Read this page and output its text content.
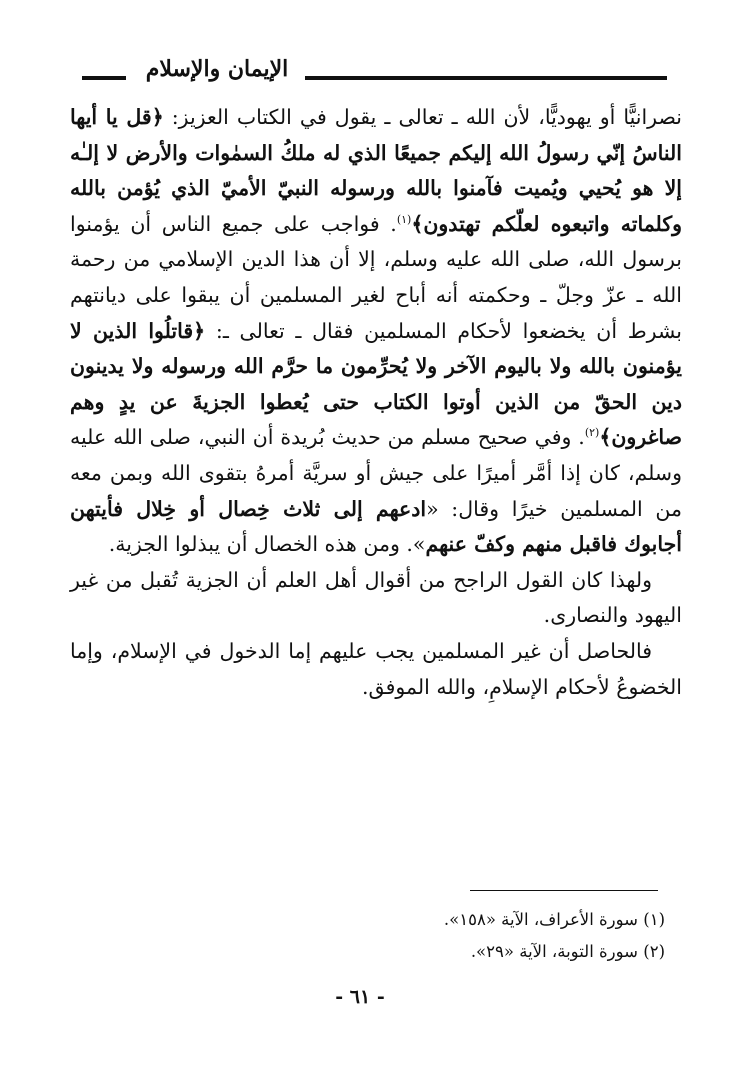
الإيمان والإسلام

نصرانيًّا أو يهوديًّا، لأن الله ـ تعالى ـ يقول في الكتاب العزيز: ﴿قل يا أيها الناسُ إنّي رسولُ الله إليكم جميعًا الذي له ملكُ السمٰوات والأرض لا إلـٰه إلا هو يُحيي ويُميت فآمنوا بالله ورسوله النبيّ الأميّ الذي يُؤمن بالله وكلماته واتبعوه لعلّكم تهتدون﴾$^{(١)}$. فواجب على جميع الناس أن يؤمنوا برسول الله، صلى الله عليه وسلم، إلا أن هذا الدين الإسلامي من رحمة الله ـ عزّ وجلّ ـ وحكمته أنه أباح لغير المسلمين أن يبقوا على ديانتهم بشرط أن يخضعوا لأحكام المسلمين فقال ـ تعالى ـ: ﴿قاتلُوا الذين لا يؤمنون بالله ولا باليوم الآخر ولا يُحرِّمون ما حرَّم الله ورسوله ولا يدينون دين الحقّ من الذين أوتوا الكتاب حتى يُعطوا الجزيةَ عن يدٍ وهم صاغرون﴾$^{(٢)}$. وفي صحيح مسلم من حديث بُريدة أن النبي، صلى الله عليه وسلم، كان إذا أمَّر أميرًا على جيش أو سريَّة أمرهُ بتقوى الله وبمن معه من المسلمين خيرًا وقال: «ادعهم إلى ثلاث خِصال أو خِلال فأيتهن أجابوك فاقبل منهم وكفّ عنهم». ومن هذه الخصال أن يبذلوا الجزية.

ولهذا كان القول الراجح من أقوال أهل العلم أن الجزية تُقبل من غير اليهود والنصارى.

فالحاصل أن غير المسلمين يجب عليهم إما الدخول في الإسلام، وإما الخضوعُ لأحكام الإسلامِ، والله الموفق.

(١) سورة الأعراف، الآية «١٥٨».
(٢) سورة التوبة، الآية «٢٩».
- ٦١ -
